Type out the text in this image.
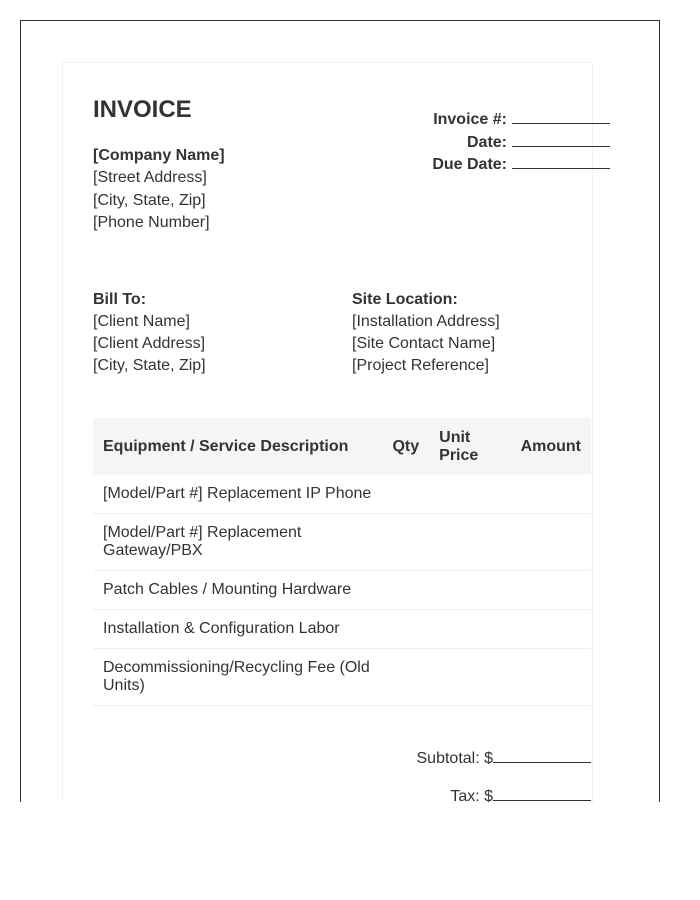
INVOICE
[Company Name]
[Street Address]
[City, State, Zip]
[Phone Number]
Invoice #:
Date:
Due Date:
Bill To:
[Client Name]
[Client Address]
[City, State, Zip]
Site Location:
[Installation Address]
[Site Contact Name]
[Project Reference]
Equipment / Service Description	Qty	Unit Price	Amount
[Model/Part #] Replacement IP Phone			
[Model/Part #] Replacement Gateway/PBX			
Patch Cables / Mounting Hardware			
Installation & Configuration Labor			
Decommissioning/Recycling Fee (Old Units)			
Subtotal: $
Tax: $
